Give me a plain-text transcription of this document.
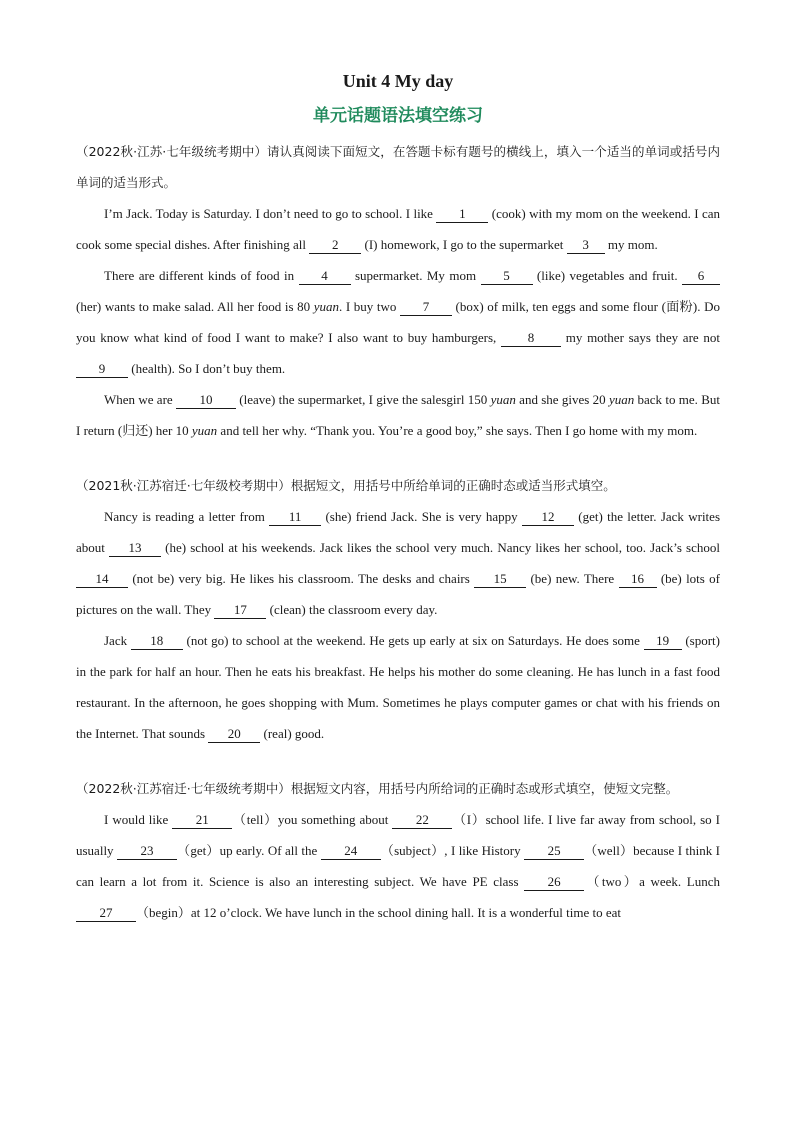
Unit 4 My day
单元话题语法填空练习

（2022秋·江苏·七年级统考期中）请认真阅读下面短文，在答题卡标有题号的横线上，填入一个适当的单词或括号内单词的适当形式。

I’m Jack. Today is Saturday. I don’t need to go to school. I like 1 (cook) with my mom on the weekend. I can cook some special dishes. After finishing all 2 (I) homework, I go to the supermarket 3 my mom.

There are different kinds of food in 4 supermarket. My mom 5 (like) vegetables and fruit. 6 (her) wants to make salad. All her food is 80 yuan. I buy two 7 (box) of milk, ten eggs and some flour (面粉). Do you know what kind of food I want to make? I also want to buy hamburgers, 8 my mother says they are not 9 (health). So I don’t buy them.

When we are 10 (leave) the supermarket, I give the salesgirl 150 yuan and she gives 20 yuan back to me. But I return (归还) her 10 yuan and tell her why. “Thank you. You’re a good boy,” she says. Then I go home with my mom.

（2021秋·江苏宿迁·七年级校考期中）根据短文，用括号中所给单词的正确时态或适当形式填空。

Nancy is reading a letter from 11 (she) friend Jack. She is very happy 12 (get) the letter. Jack writes about 13 (he) school at his weekends. Jack likes the school very much. Nancy likes her school, too. Jack’s school 14 (not be) very big. He likes his classroom. The desks and chairs 15 (be) new. There 16 (be) lots of pictures on the wall. They 17 (clean) the classroom every day.

Jack 18 (not go) to school at the weekend. He gets up early at six on Saturdays. He does some 19 (sport) in the park for half an hour. Then he eats his breakfast. He helps his mother do some cleaning. He has lunch in a fast food restaurant. In the afternoon, he goes shopping with Mum. Sometimes he plays computer games or chat with his friends on the Internet. That sounds 20 (real) good.

（2022秋·江苏宿迁·七年级统考期中）根据短文内容，用括号内所给词的正确时态或形式填空，使短文完整。

I would like 21 （tell）you something about 22 （I）school life. I live far away from school, so I usually 23 （get）up early. Of all the 24 （subject）, I like History 25 （well）because I think I can learn a lot from it. Science is also an interesting subject. We have PE class 26 （two）a week. Lunch 27 （begin）at 12 o’clock. We have lunch in the school dining hall. It is a wonderful time to eat
